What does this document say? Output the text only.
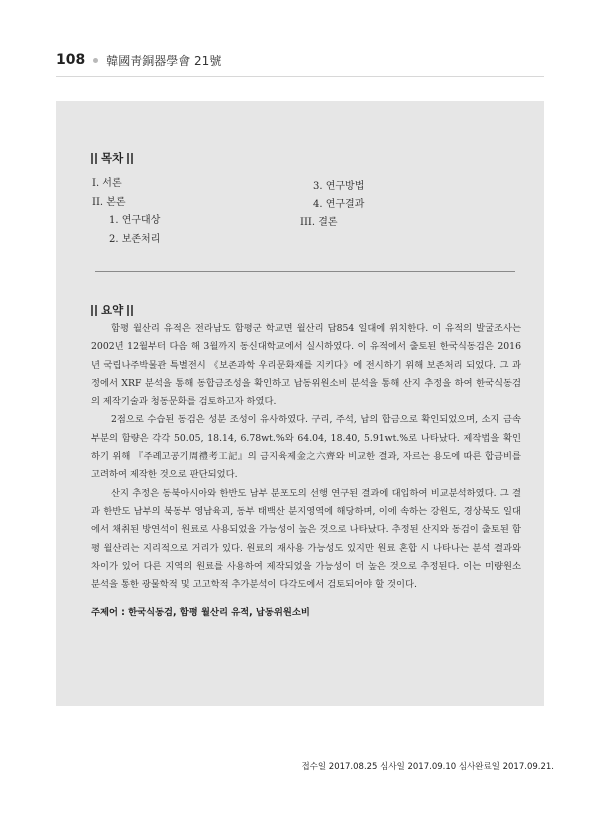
108 韓國靑銅器學會 21號
목차
I. 서론
II. 본론
1. 연구대상
2. 보존처리
3. 연구방법
4. 연구결과
III. 결론
요약

함평 월산리 유적은 전라남도 함평군 학교면 월산리 답854 일대에 위치한다. 이 유적의 발굴조사는 2002년 12월부터 다음 해 3월까지 동신대학교에서 실시하였다. 이 유적에서 출토된 한국식동검은 2016년 국립나주박물관 특별전시 《보존과학 우리문화재를 지키다》에 전시하기 위해 보존처리 되었다. 그 과정에서 XRF 분석을 통해 동합금조성을 확인하고 납동위원소비 분석을 통해 산지 추정을 하여 한국식동검의 제작기술과 청동문화를 검토하고자 하였다.

2점으로 수습된 동검은 성분 조성이 유사하였다. 구리, 주석, 납의 합금으로 확인되었으며, 소지 금속 부분의 함량은 각각 50.05, 18.14, 6.78wt.%와 64.04, 18.40, 5.91wt.%로 나타났다. 제작법을 확인하기 위해 『주례고공기周禮考工記』의 금지육제金之六齊와 비교한 결과, 자르는 용도에 따른 합금비를 고려하여 제작한 것으로 판단되었다.

산지 추정은 동북아시아와 한반도 남부 분포도의 선행 연구된 결과에 대입하여 비교분석하였다. 그 결과 한반도 남부의 북동부 영남육괴, 동부 태백산 분지영역에 해당하며, 이에 속하는 강원도, 경상북도 일대에서 채취된 방연석이 원료로 사용되었을 가능성이 높은 것으로 나타났다. 추정된 산지와 동검이 출토된 함평 월산리는 지리적으로 거리가 있다. 원료의 재사용 가능성도 있지만 원료 혼합 시 나타나는 분석 결과와 차이가 있어 다른 지역의 원료를 사용하여 제작되었을 가능성이 더 높은 것으로 추정된다. 이는 미량원소 분석을 통한 광물학적 및 고고학적 추가분석이 다각도에서 검토되어야 할 것이다.

주제어 : 한국식동검, 함평 월산리 유적, 납동위원소비
접수일 2017.08.25 심사일 2017.09.10 심사완료일 2017.09.21.
